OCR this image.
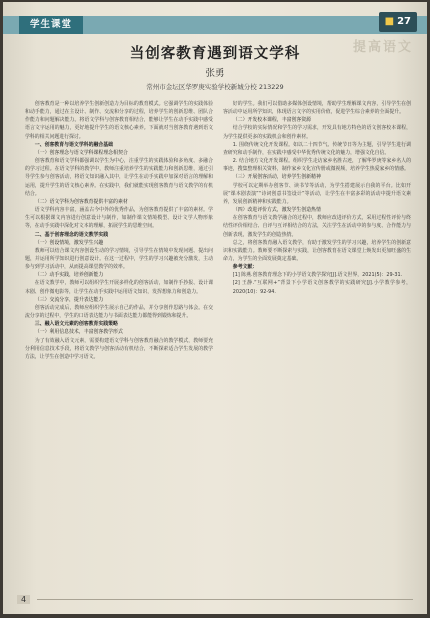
学生课堂	■ 27
提高语文
当创客教育遇到语文学科
张勇
常州市金坛区华罗庚实验学校新城分校 213229

创客教育是一种以培养学生创新创造力为目标的教育模式。它强调学生的实践体验和动手能力，通过在主设计、制作、交流和分享的过程，培养学生的创新思维、团队合作能力和问题解决能力。将语文学科与创客教育相结合，能够让学生在动手实践中感受语言文字运用的魅力，更好地提升学生的语文核心素养。下面就对当创客教育遇到语文学科的相关问题进行探讨。

一、创客教育与语文学科的融合基础

（一）创客理念与语文学科课程理念相契合

创客教育和语文学科都强调以学生为中心，注重学生的实践体验和多角度、多融合的学习过程。在语文学科的教学中，教师注重培养学生的实践能力和创新思维，通过引导学生参与创客活动，将语文知识融入其中，让学生在动手实践中加深对语言的理解和运用，提升学生的语文核心素养。在实践中，我们就能实现创客教育与语文教学的有机结合。

（二）语文学科为创客教育提供丰富的素材

语文学科内容丰富，涵盖古今中外的优秀作品，为创客教育提供了丰富的素材。学生可以根据课文内容进行创意设计与制作，如制作课文情境模型、设计文学人物形象等，在动手实践中深化对文本的理解，拓展学生的思维空间。

二、基于创客理念的语文教学实践

（一）创设情境，激发学生兴趣

教师可以结合课文内容创设生动的学习情境，引导学生在情境中发现问题、提出问题，并运用所学知识进行创意设计。在这一过程中，学生的学习兴趣被充分激发，主动参与到学习活动中，从而提高课堂教学的效率。

（二）动手实践，培养创新能力

在语文教学中，教师可以组织学生开展多样化的创客活动，如制作手抄报、设计课本剧、创作微电影等，让学生在动手实践中运用语文知识，发挥想象力和创造力。

（三）交流分享，提升表达能力

创客活动完成后，教师应组织学生展示自己的作品，并分享创作思路与体会。在交流分享的过程中，学生的口语表达能力与书面表达能力都能得到锻炼和提升。

三、融入语文元素的创客教育实践策略

（一）利用信息技术，丰富创客教学形式

为了有效融入语文元素，需要构建语文学科与创客教育融合的教学模式，教师要充分利用信息技术手段，将语文教学与创客活动有机结合，不断探索适合学生发展的教学方法，让学生在创造中学习语文。

好的学生。我们可以借助多媒体创设情境，帮助学生理解课文内容，引导学生在创客活动中运用所学知识，体现语言文字的实用价值，促进学生综合素养的全面提升。

（二）开发校本课程，丰富创客资源

结合学校的实际情况和学生的学习需求，开发具有地方特色的语文创客校本课程，为学生提供更多的实践机会和创作素材。

1. 围绕传统文化开发课程。如以二十四节气、传统节日等为主题，引导学生进行调查研究和动手制作，在实践中感受中华优秀传统文化的魅力，增强文化自信。

2. 结合地方文化开发课程。组织学生走访家乡名胜古迹，了解华罗庚等家乡名人的事迹，搜集整理相关资料，制作家乡文化宣传册或微视频，培养学生热爱家乡的情感。

（三）开展创客活动，培养学生创新精神

学校可以定期举办创客节、读书节等活动，为学生搭建展示自我的平台。比如开展“课本剧表演”“诗词创意书签设计”等活动，让学生在丰富多彩的活动中提升语文素养，发展创新精神和实践能力。

（四）改进评价方式，激发学生创造热情

在创客教育与语文教学融合的过程中，教师应改进评价方式，采用过程性评价与终结性评价相结合、自评与互评相结合的方法，关注学生在活动中的参与度、合作能力与创新表现，激发学生的创造热情。

总之，将创客教育融入语文教学，有助于激发学生的学习兴趣，培养学生的创新意识和实践能力。教师要不断探索与实践，让创客教育在语文课堂上焕发出更加旺盛的生命力，为学生的全面发展奠定基础。

参考文献：

[1] 陈燕.创客教育理念下的小学语文教学探究[J].语文世界，2021(5)：29-31.

[2] 王静.“互联网+”背景下小学语文创客教学的实践研究[J].小学教学参考，2020(10)：92-94.

4
